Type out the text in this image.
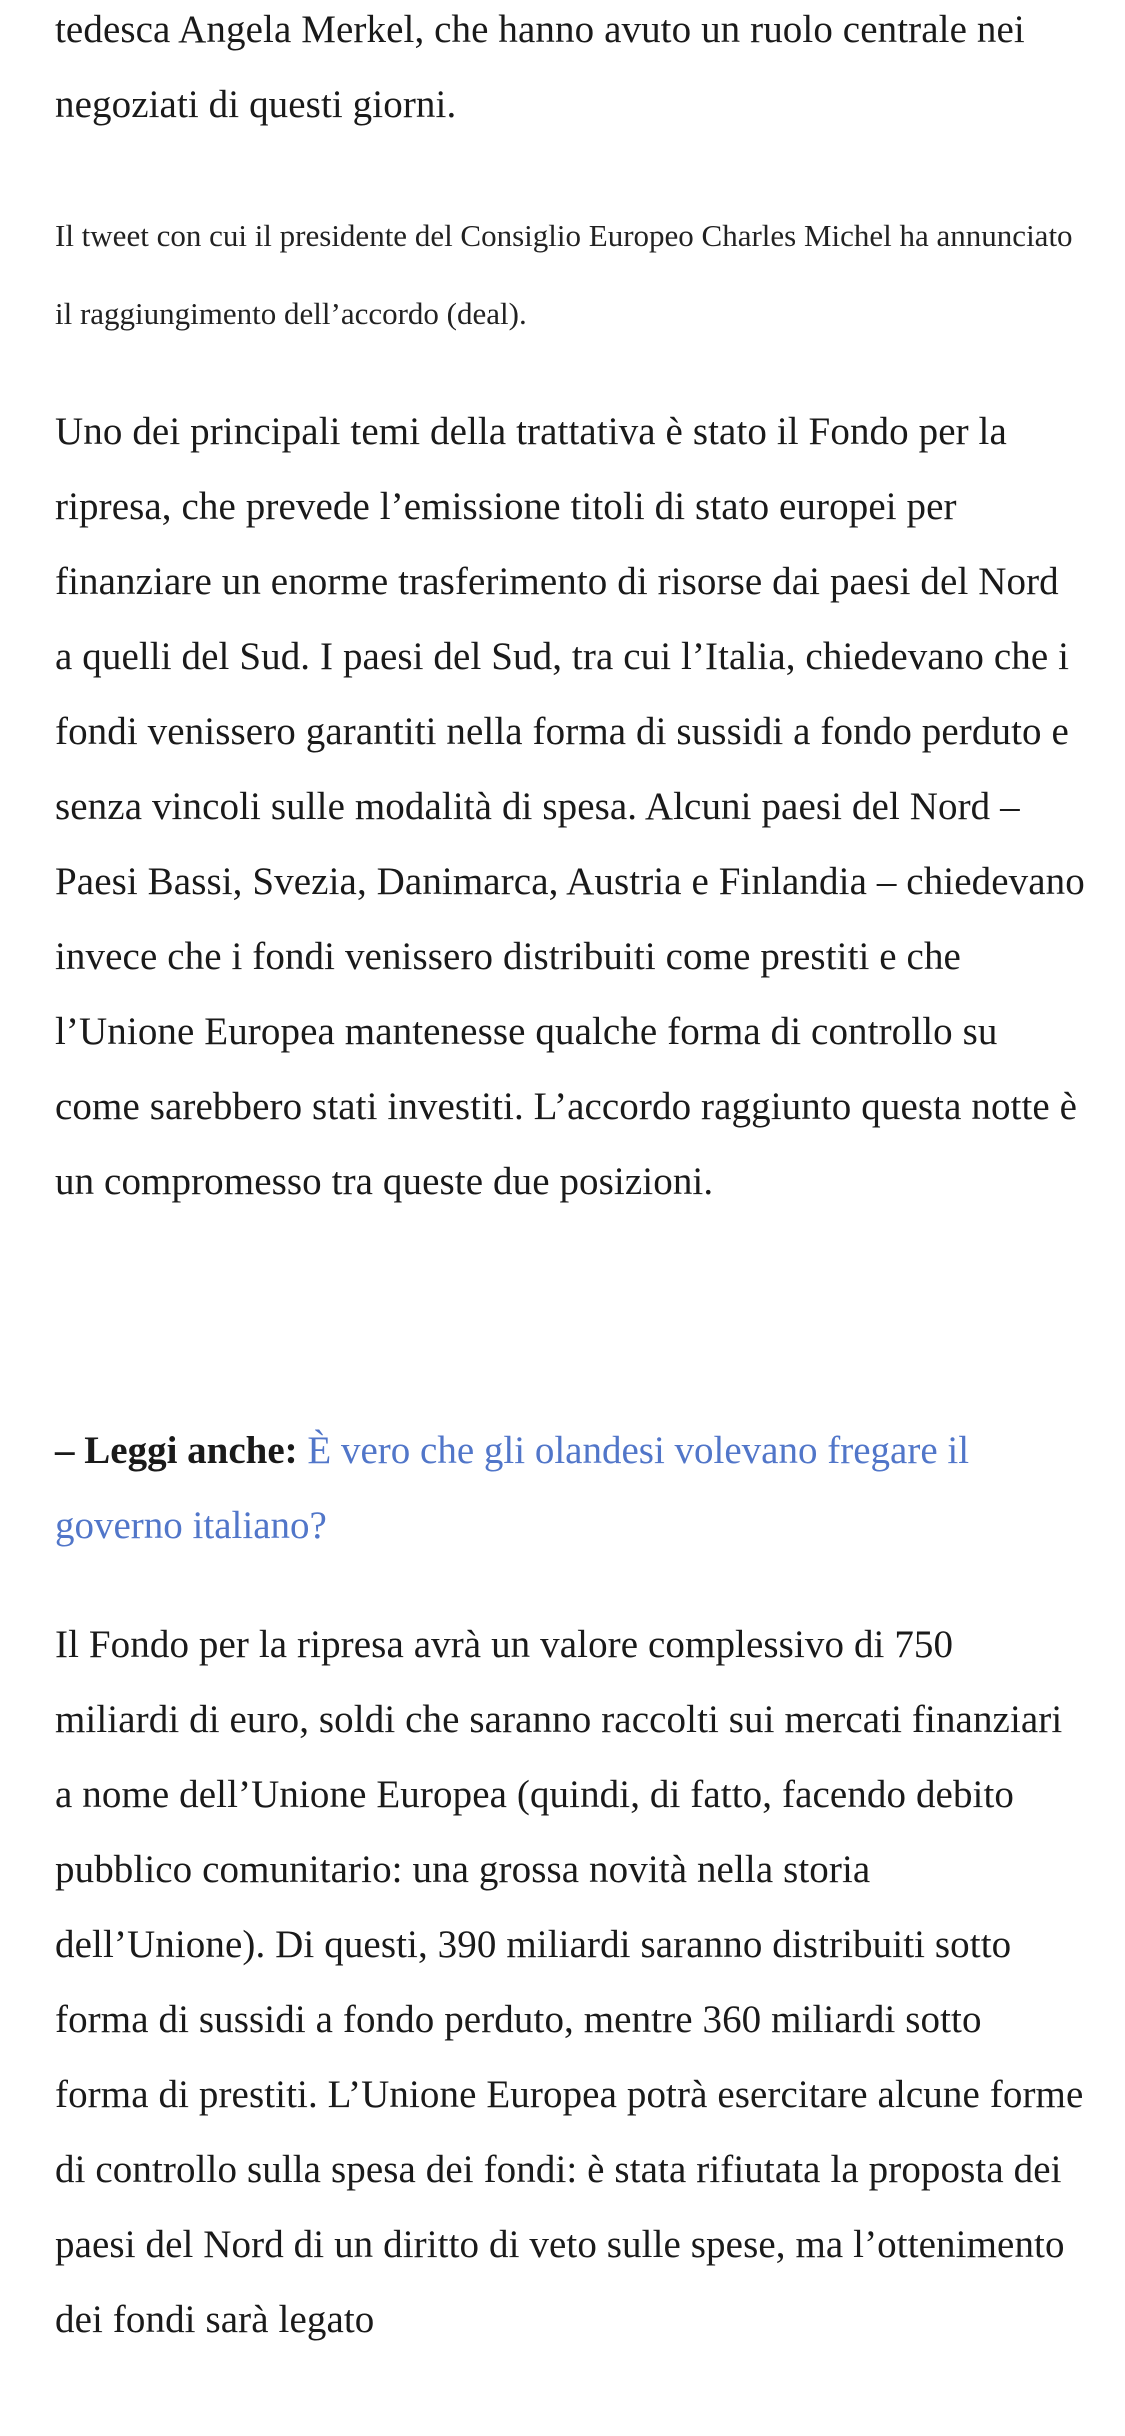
tedesca Angela Merkel, che hanno avuto un ruolo centrale nei negoziati di questi giorni.

Il tweet con cui il presidente del Consiglio Europeo Charles Michel ha annunciato il raggiungimento dell’accordo (deal).

Uno dei principali temi della trattativa è stato il Fondo per la ripresa, che prevede l’emissione titoli di stato europei per finanziare un enorme trasferimento di risorse dai paesi del Nord a quelli del Sud. I paesi del Sud, tra cui l’Italia, chiedevano che i fondi venissero garantiti nella forma di sussidi a fondo perduto e senza vincoli sulle modalità di spesa. Alcuni paesi del Nord – Paesi Bassi, Svezia, Danimarca, Austria e Finlandia – chiedevano invece che i fondi venissero distribuiti come prestiti e che l’Unione Europea mantenesse qualche forma di controllo su come sarebbero stati investiti. L’accordo raggiunto questa notte è un compromesso tra queste due posizioni.

– Leggi anche: È vero che gli olandesi volevano fregare il governo italiano?

Il Fondo per la ripresa avrà un valore complessivo di 750 miliardi di euro, soldi che saranno raccolti sui mercati finanziari a nome dell’Unione Europea (quindi, di fatto, facendo debito pubblico comunitario: una grossa novità nella storia dell’Unione). Di questi, 390 miliardi saranno distribuiti sotto forma di sussidi a fondo perduto, mentre 360 miliardi sotto forma di prestiti. L’Unione Europea potrà esercitare alcune forme di controllo sulla spesa dei fondi: è stata rifiutata la proposta dei paesi del Nord di un diritto di veto sulle spese, ma l’ottenimento dei fondi sarà legato
